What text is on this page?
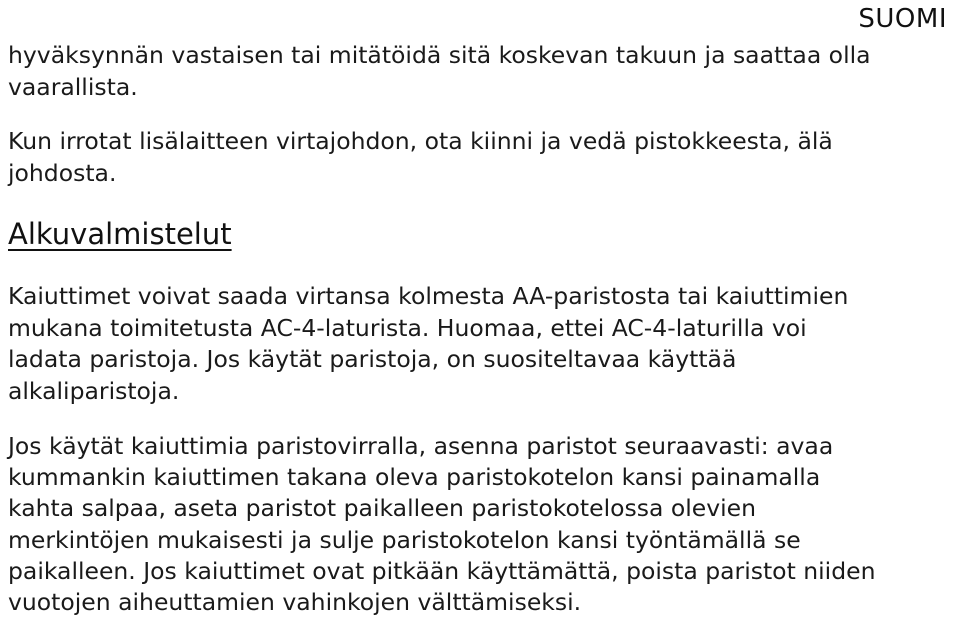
SUOMI

hyväksynnän vastaisen tai mitätöidä sitä koskevan takuun ja saattaa olla
vaarallista.

Kun irrotat lisälaitteen virtajohdon, ota kiinni ja vedä pistokkeesta, älä
johdosta.

Alkuvalmistelut

Kaiuttimet voivat saada virtansa kolmesta AA-paristosta tai kaiuttimien
mukana toimitetusta AC-4-laturista. Huomaa, ettei AC-4-laturilla voi
ladata paristoja. Jos käytät paristoja, on suositeltavaa käyttää
alkaliparistoja.

Jos käytät kaiuttimia paristovirralla, asenna paristot seuraavasti: avaa
kummankin kaiuttimen takana oleva paristokotelon kansi painamalla
kahta salpaa, aseta paristot paikalleen paristokotelossa olevien
merkintöjen mukaisesti ja sulje paristokotelon kansi työntämällä se
paikalleen. Jos kaiuttimet ovat pitkään käyttämättä, poista paristot niiden
vuotojen aiheuttamien vahinkojen välttämiseksi.
